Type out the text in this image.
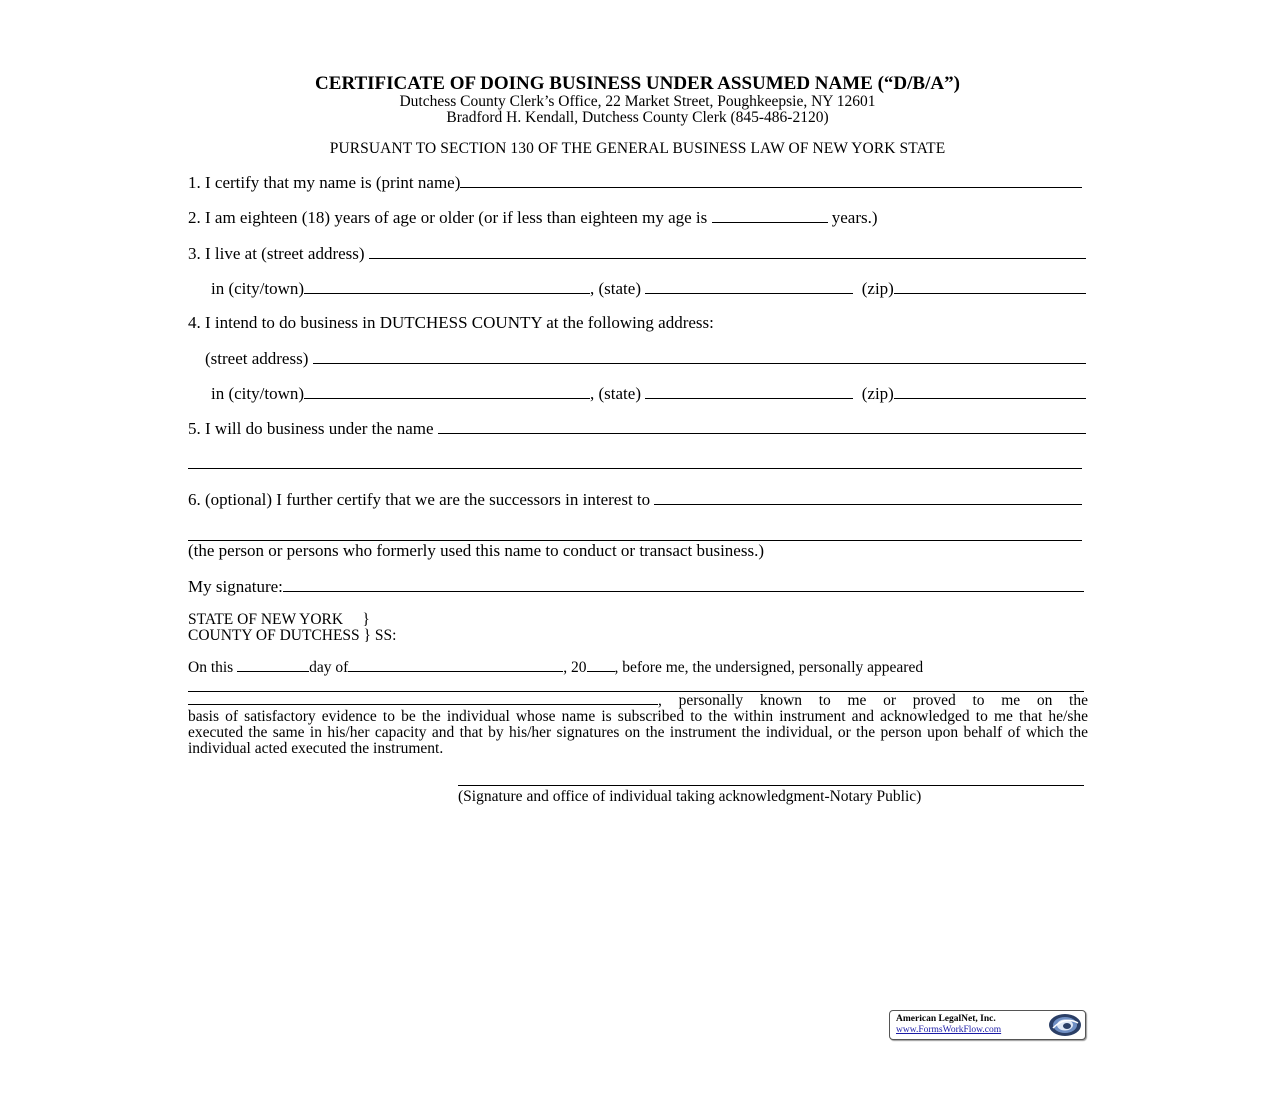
CERTIFICATE OF DOING BUSINESS UNDER ASSUMED NAME (“D/B/A”)
Dutchess County Clerk’s Office, 22 Market Street, Poughkeepsie, NY 12601
Bradford H. Kendall, Dutchess County Clerk (845-486-2120)
PURSUANT TO SECTION 130 OF THE GENERAL BUSINESS LAW OF NEW YORK STATE
1. I certify that my name is (print name)
2. I am eighteen (18) years of age or older (or if less than eighteen my age is	years.)
3. I live at (street address)
in (city/town)	, (state)	(zip)
4. I intend to do business in DUTCHESS COUNTY at the following address:
(street address)
in (city/town)	, (state)	(zip)
5. I will do business under the name
6. (optional) I further certify that we are the successors in interest to
(the person or persons who formerly used this name to conduct or transact business.)
My signature:
STATE OF NEW YORK     }
COUNTY OF DUTCHESS } SS:
On this	day of	, 20 , before me, the undersigned, personally appeared
, personally known to me or proved to me on the

basis of satisfactory evidence to be the individual whose name is subscribed to the within instrument and acknowledged to me that he/she executed the same in his/her capacity and that by his/her signatures on the instrument the individual, or the person upon behalf of which the individual acted executed the instrument.

(Signature and office of individual taking acknowledgment-Notary Public)
American LegalNet, Inc.
www.FormsWorkFlow.com
